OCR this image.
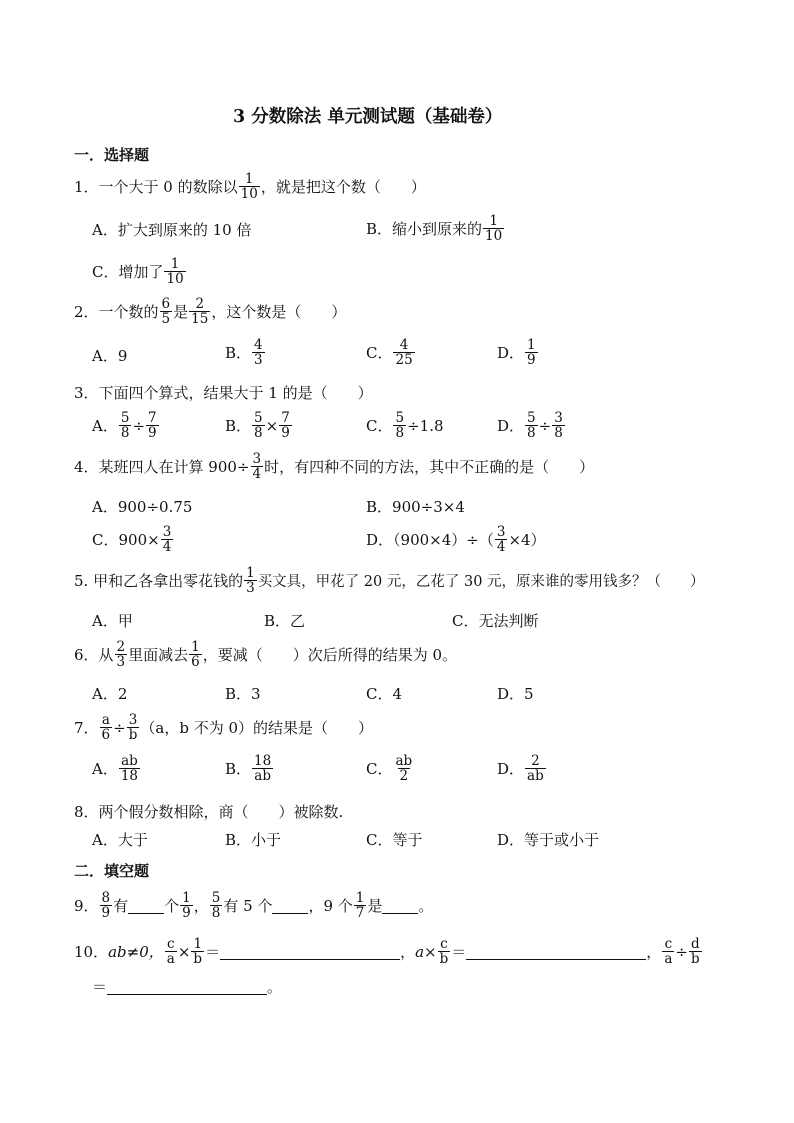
3 分数除法 单元测试题（基础卷）
一．选择题
1．一个大于 0 的数除以 $\frac{1}{10}$ ，就是把这个数（　　）
A．扩大到原来的 10 倍	B．缩小到原来的 $\frac{1}{10}$
C．增加了 $\frac{1}{10}$
2．一个数的 $\frac{6}{5}$ 是 $\frac{2}{15}$ ，这个数是（　　）
A．9	B． $\frac{4}{3}$	C． $\frac{4}{25}$	D． $\frac{1}{9}$
3．下面四个算式，结果大于 1 的是（　　）
A． $\frac{5}{8} \div \frac{7}{9}$	B． $\frac{5}{8} \times \frac{7}{9}$	C． $\frac{5}{8} \div 1.8$	D． $\frac{5}{8} \div \frac{3}{8}$
4．某班四人在计算 $900\div \frac{3}{4}$ 时，有四种不同的方法，其中不正确的是（　　）
A．900÷0.75	B．900÷3×4
C．$900\times \frac{3}{4}$	D．$(900\times 4)\div( \frac{3}{4} \times 4)$
5. 甲和乙各拿出零花钱的 $\frac{1}{3}$ 买文具，甲花了 20 元，乙花了 30 元，原来谁的零用钱多？（　　）
A．甲	B．乙	C．无法判断
6．从 $\frac{2}{3}$ 里面减去 $\frac{1}{6}$ ，要减（　　）次后所得的结果为 0。
A．2	B．3	C．4	D．5
7． $\frac{a}{6} \div \frac{3}{b} (a$，b 不为 0）的结果是（　　）
A． $\frac{ab}{18}$	B． $\frac{18}{ab}$	C． $\frac{ab}{2}$	D． $\frac{2}{ab}$
8．两个假分数相除，商（　　）被除数.
A．大于	B．小于	C．等于	D．等于或小于
二．填空题
9． $\frac{8}{9}$ 有 个 $\frac{1}{9}$ ， $\frac{5}{8}$ 有 5 个 ，9 个 $\frac{1}{7}$ 是 。
10． ab≠0， $\frac{c}{a} \times \frac{1}{b}$ ＝	， $a \times \frac{c}{b}$ ＝	， $\frac{c}{a} \div \frac{d}{b}$
＝	。
